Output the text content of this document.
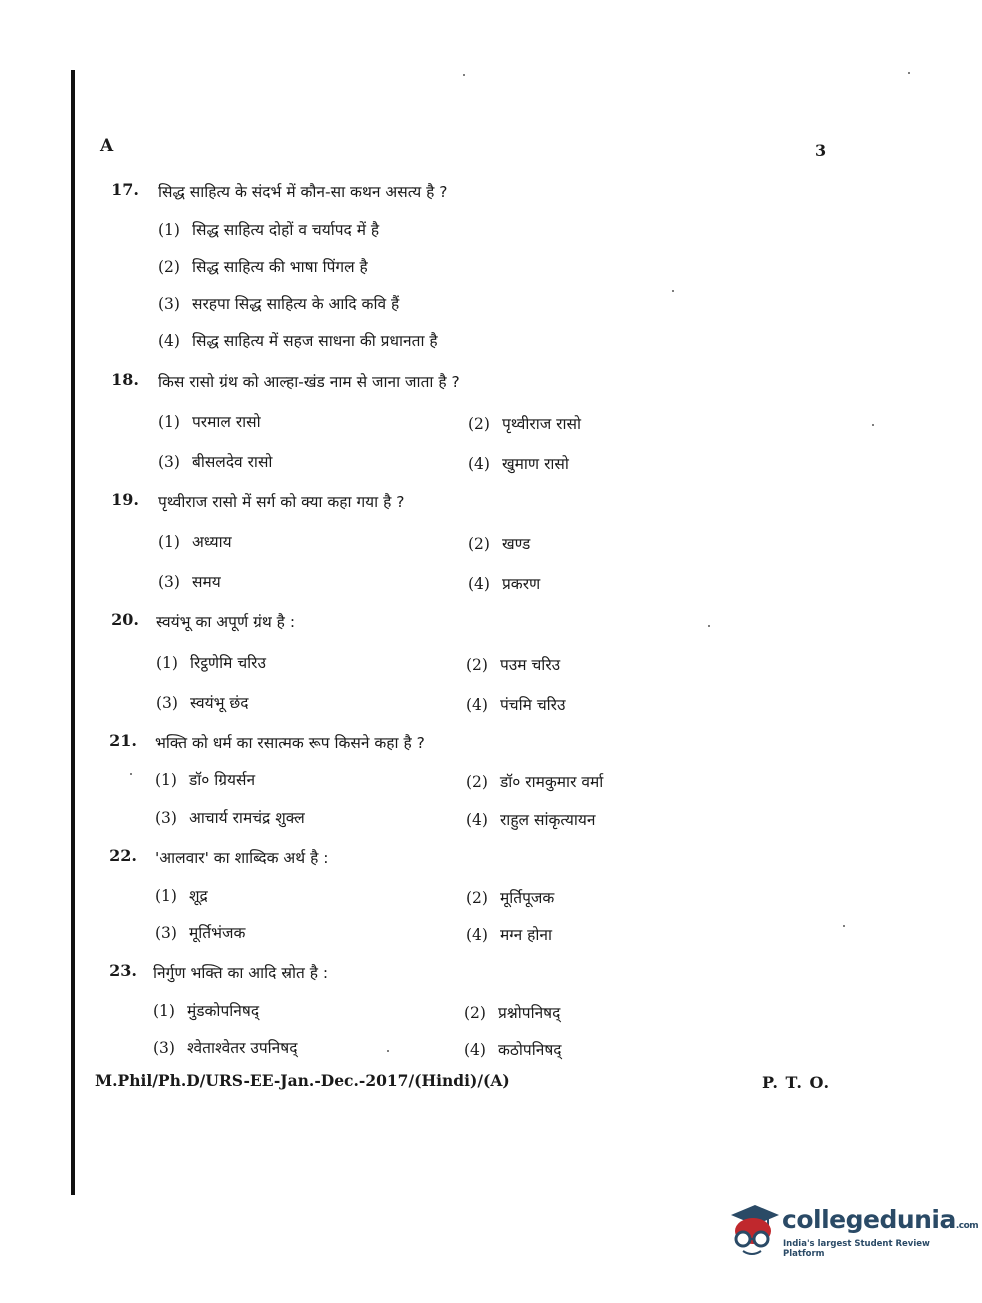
A	3
17. सिद्ध साहित्य के संदर्भ में कौन-सा कथन असत्य है ?
(1) सिद्ध साहित्य दोहों व चर्यापद में है
(2) सिद्ध साहित्य की भाषा पिंगल है
(3) सरहपा सिद्ध साहित्य के आदि कवि हैं
(4) सिद्ध साहित्य में सहज साधना की प्रधानता है
18. किस रासो ग्रंथ को आल्हा-खंड नाम से जाना जाता है ?
(1) परमाल रासो	(2) पृथ्वीराज रासो
(3) बीसलदेव रासो	(4) खुमाण रासो
19. पृथ्वीराज रासो में सर्ग को क्या कहा गया है ?
(1) अध्याय	(2) खण्ड
(3) समय	(4) प्रकरण
20. स्वयंभू का अपूर्ण ग्रंथ है :
(1) रिट्ठणेमि चरिउ	(2) पउम चरिउ
(3) स्वयंभू छंद	(4) पंचमि चरिउ
21. भक्ति को धर्म का रसात्मक रूप किसने कहा है ?
(1) डॉ० ग्रियर्सन	(2) डॉ० रामकुमार वर्मा
(3) आचार्य रामचंद्र शुक्ल	(4) राहुल सांकृत्यायन
22. 'आलवार' का शाब्दिक अर्थ है :
(1) शूद्र	(2) मूर्तिपूजक
(3) मूर्तिभंजक	(4) मग्न होना
23. निर्गुण भक्ति का आदि स्रोत है :
(1) मुंडकोपनिषद्	(2) प्रश्नोपनिषद्
(3) श्वेताश्वेतर उपनिषद्	(4) कठोपनिषद्
M.Phil/Ph.D/URS-EE-Jan.-Dec.-2017/(Hindi)/(A)	P. T. O.
collegedunia.com
India's largest Student Review Platform
